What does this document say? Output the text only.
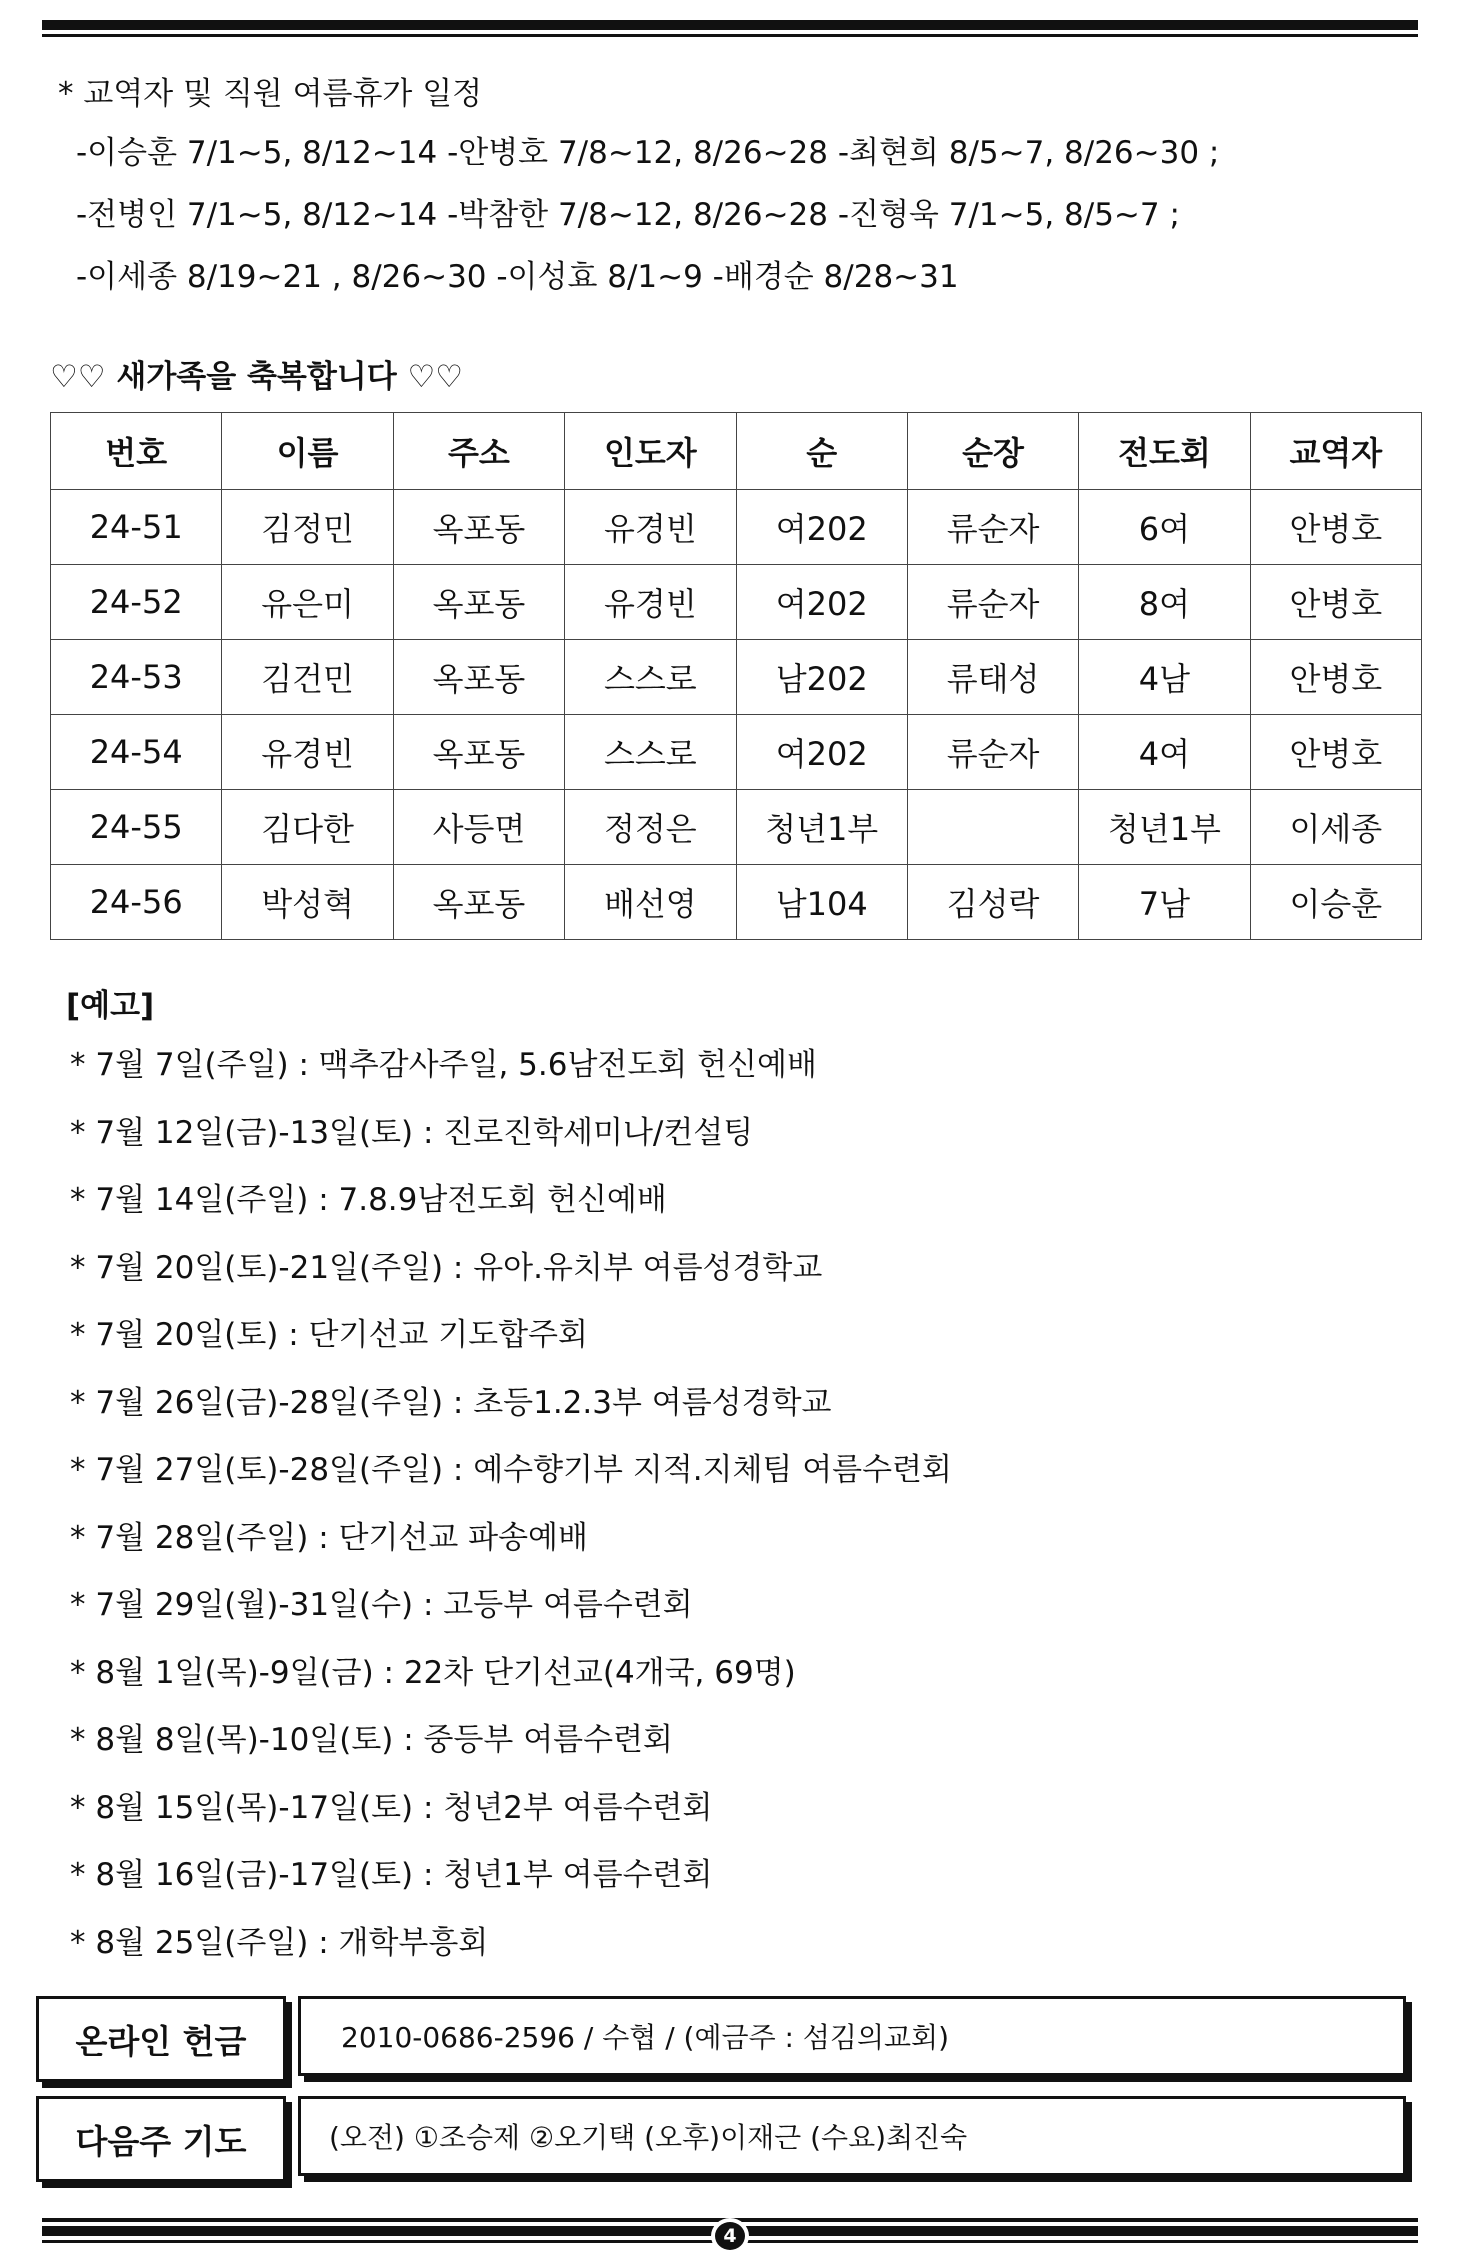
* 교역자 및 직원 여름휴가 일정
-이승훈 7/1~5, 8/12~14 -안병호 7/8~12, 8/26~28 -최현희 8/5~7, 8/26~30 ;
-전병인 7/1~5, 8/12~14 -박참한 7/8~12, 8/26~28 -진형욱 7/1~5, 8/5~7 ;
-이세종 8/19~21 , 8/26~30 -이성효 8/1~9 -배경순 8/28~31
♡♡ 새가족을 축복합니다 ♡♡
번호	이름	주소	인도자	순	순장	전도회	교역자
24-51	김정민	옥포동	유경빈	여202	류순자	6여	안병호
24-52	유은미	옥포동	유경빈	여202	류순자	8여	안병호
24-53	김건민	옥포동	스스로	남202	류태성	4남	안병호
24-54	유경빈	옥포동	스스로	여202	류순자	4여	안병호
24-55	김다한	사등면	정정은	청년1부		청년1부	이세종
24-56	박성혁	옥포동	배선영	남104	김성락	7남	이승훈
[예고]
* 7월 7일(주일) : 맥추감사주일, 5.6남전도회 헌신예배
* 7월 12일(금)-13일(토) : 진로진학세미나/컨설팅
* 7월 14일(주일) : 7.8.9남전도회 헌신예배
* 7월 20일(토)-21일(주일) : 유아.유치부 여름성경학교
* 7월 20일(토) : 단기선교 기도합주회
* 7월 26일(금)-28일(주일) : 초등1.2.3부 여름성경학교
* 7월 27일(토)-28일(주일) : 예수향기부 지적.지체팀 여름수련회
* 7월 28일(주일) : 단기선교 파송예배
* 7월 29일(월)-31일(수) : 고등부 여름수련회
* 8월 1일(목)-9일(금) : 22차 단기선교(4개국, 69명)
* 8월 8일(목)-10일(토) : 중등부 여름수련회
* 8월 15일(목)-17일(토) : 청년2부 여름수련회
* 8월 16일(금)-17일(토) : 청년1부 여름수련회
* 8월 25일(주일) : 개학부흥회
온라인 헌금	2010-0686-2596 / 수협 / (예금주 : 섬김의교회)
다음주 기도	(오전) ①조승제 ②오기택 (오후)이재근 (수요)최진숙
4
